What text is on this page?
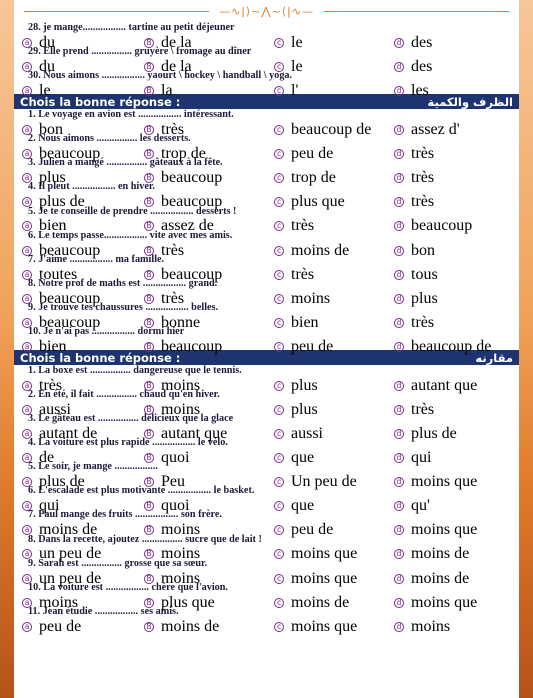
—∿|⟩~⋀~⟨|∿—
28. je mange................. tartine au petit déjeuner
a du	B de la	c le	d des
29. Elle prend ................ gruyère \ fromage au dîner
a du	B de la	c le	d des
30. Nous aimons ................. yaourt \ hockey \ handball \ yoga.
a le	B la	c l'	d les
Chois la bonne réponse :	الظرف والكمية
1. Le voyage en avion est ................. intéressant.
a bon	B très	c beaucoup de	d assez d'
2. Nous aimons ................ les desserts.
a beaucoup	B trop de	c peu de	d très
3. Julien a mangé ................ gâteaux à la fête.
a plus	B beaucoup	c trop de	d très
4. Il pleut ................. en hiver.
a plus de	B beaucoup	c plus que	d très
5. Je te conseille de prendre ................. desserts !
a bien	B assez de	c très	d beaucoup
6. Le temps passe................. vite avec mes amis.
a beaucoup	B très	c moins de	d bon
7. J'aime ................. ma famille.
a toutes	B beaucoup	c très	d tous
8. Notre prof de maths est ................. grand.
a beaucoup	B très	c moins	d plus
9. Je trouve tes chaussures ................. belles.
a beaucoup	B bonne	c bien	d très
10. Je n'ai pas ................. dormi hier
a bien	B beaucoup	c peu de	d beaucoup de
Chois la bonne réponse :	مقارنه
1. La boxe est ................ dangereuse que le tennis.
a très	B moins	c plus	d autant que
2. En été, il fait ................ chaud qu'en hiver.
a aussi	B moins	c plus	d très
3. Le gâteau est ................ délicieux que la glace
a autant de	B autant que	c aussi	d plus de
4. La voiture est plus rapide ................. le vélo.
a de	B quoi	c que	d qui
5. Le soir, je mange .................
a plus de	B Peu	c Un peu de	d moins que
6. L'escalade est plus motivante ................. le basket.
a qui	B quoi	c que	d qu'
7. Paul mange des fruits ................. son frère.
a moins de	B moins	c peu de	d moins que
8. Dans la recette, ajoutez ................ sucre que de lait !
a un peu de	B moins	c moins que	d moins de
9. Sarah est ................ grosse que sa sœur.
a un peu de	B moins	c moins que	d moins de
10. La voiture est ................. chère que l'avion.
a moins	B plus que	c moins de	d moins que
11. Jean étudie ................. ses amis.
a peu de	B moins de	c moins que	d moins
